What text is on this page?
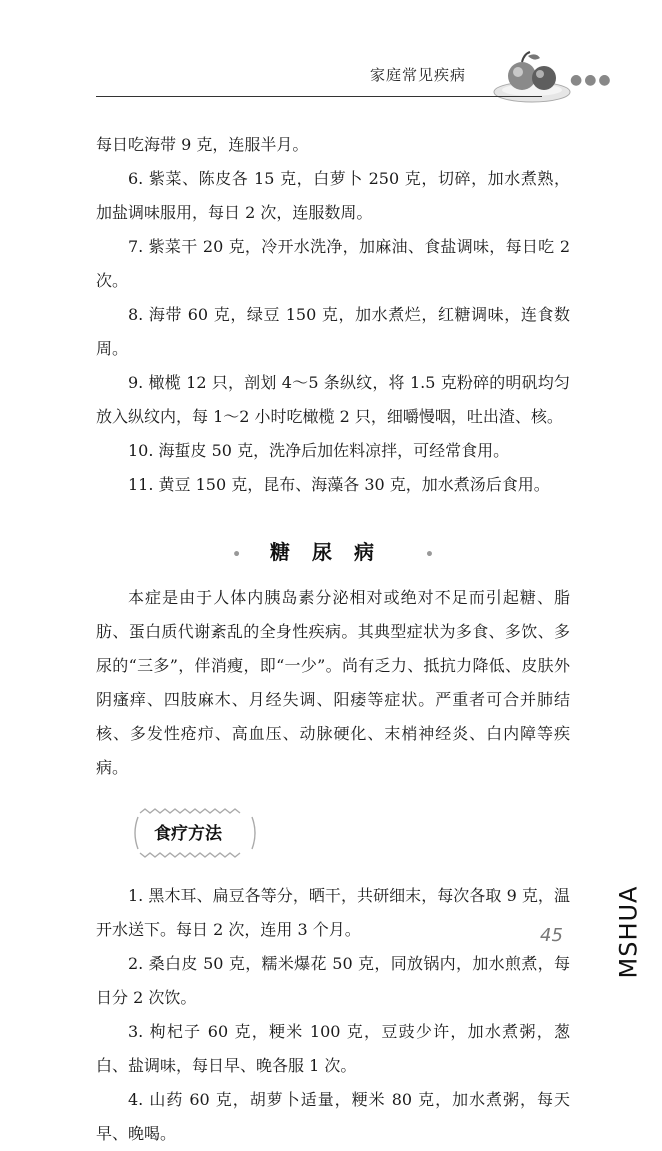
家庭常见疾病	●●●

每日吃海带 9 克，连服半月。

6. 紫菜、陈皮各 15 克，白萝卜 250 克，切碎，加水煮熟，加盐调味服用，每日 2 次，连服数周。

7. 紫菜干 20 克，冷开水洗净，加麻油、食盐调味，每日吃 2 次。

8. 海带 60 克，绿豆 150 克，加水煮烂，红糖调味，连食数周。

9. 橄榄 12 只，剖划 4～5 条纵纹，将 1.5 克粉碎的明矾均匀放入纵纹内，每 1～2 小时吃橄榄 2 只，细嚼慢咽，吐出渣、核。

10. 海蜇皮 50 克，洗净后加佐料凉拌，可经常食用。

11. 黄豆 150 克，昆布、海藻各 30 克，加水煮汤后食用。

• 糖尿病 •

本症是由于人体内胰岛素分泌相对或绝对不足而引起糖、脂肪、蛋白质代谢紊乱的全身性疾病。其典型症状为多食、多饮、多尿的“三多”，伴消瘦，即“一少”。尚有乏力、抵抗力降低、皮肤外阴瘙痒、四肢麻木、月经失调、阳痿等症状。严重者可合并肺结核、多发性疮疖、高血压、动脉硬化、末梢神经炎、白内障等疾病。

食疗方法

1. 黑木耳、扁豆各等分，晒干，共研细末，每次各取 9 克，温开水送下。每日 2 次，连用 3 个月。

2. 桑白皮 50 克，糯米爆花 50 克，同放锅内，加水煎煮，每日分 2 次饮。

3. 枸杞子 60 克，粳米 100 克，豆豉少许，加水煮粥，葱白、盐调味，每日早、晚各服 1 次。

4. 山药 60 克，胡萝卜适量，粳米 80 克，加水煮粥，每天早、晚喝。

45 MSHUA
